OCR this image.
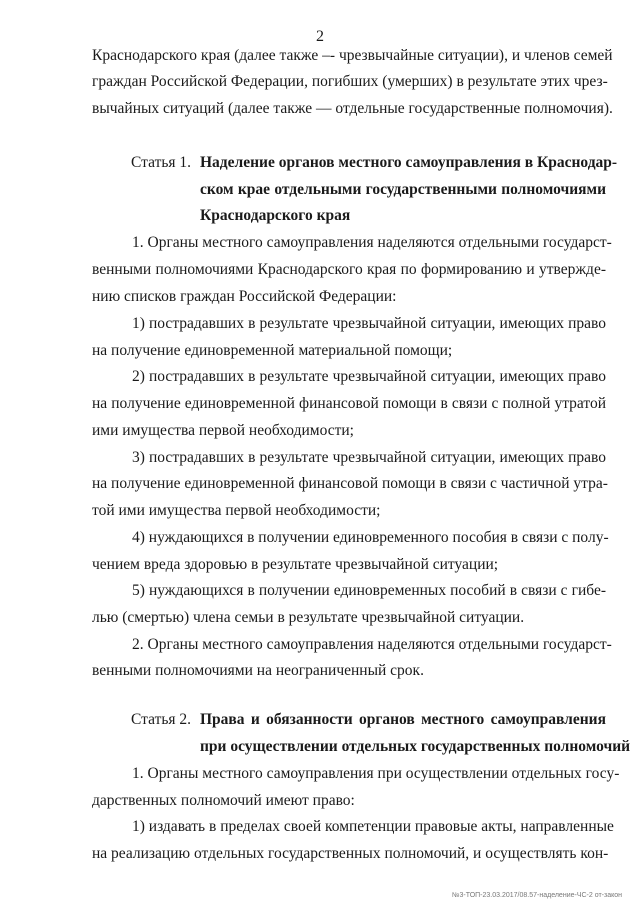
2
Краснодарского края (далее также –- чрезвычайные ситуации), и членов семей
граждан Российской Федерации, погибших (умерших) в результате этих чрез-
вычайных ситуаций (далее также — отдельные государственные полномочия).
Статья 1. Наделение органов местного самоуправления в Краснодар-
ском крае отдельными государственными полномочиями
Краснодарского края
1. Органы местного самоуправления наделяются отдельными государст-
венными полномочиями Краснодарского края по формированию и утвержде-
нию списков граждан Российской Федерации:
1) пострадавших в результате чрезвычайной ситуации, имеющих право
на получение единовременной материальной помощи;
2) пострадавших в результате чрезвычайной ситуации, имеющих право
на получение единовременной финансовой помощи в связи с полной утратой
ими имущества первой необходимости;
3) пострадавших в результате чрезвычайной ситуации, имеющих право
на получение единовременной финансовой помощи в связи с частичной утра-
той ими имущества первой необходимости;
4) нуждающихся в получении единовременного пособия в связи с полу-
чением вреда здоровью в результате чрезвычайной ситуации;
5) нуждающихся в получении единовременных пособий в связи с гибе-
лью (смертью) члена семьи в результате чрезвычайной ситуации.
2. Органы местного самоуправления наделяются отдельными государст-
венными полномочиями на неограниченный срок.
Статья 2. Права и обязанности органов местного самоуправления
при осуществлении отдельных государственных полномочий
1. Органы местного самоуправления при осуществлении отдельных госу-
дарственных полномочий имеют право:
1) издавать в пределах своей компетенции правовые акты, направленные
на реализацию отдельных государственных полномочий, и осуществлять кон-
№3-ТОП-23.03.2017/08.57-наделение-ЧС-2 от-закон
